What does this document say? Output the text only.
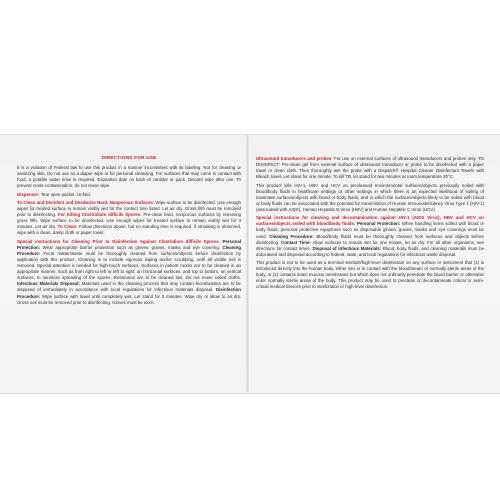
DIRECTIONS FOR USE

It is a violation of Federal law to use this product in a manner inconsistent with its labeling. Not for cleaning or sanitizing skin. Do not use as a diaper wipe or for personal cleansing. For surfaces that may come in contact with food, a potable water rinse is required. Expiration date on back of canister or pack. Discard wipe after use. To prevent cross-contamination, do not reuse wipe.

Dispenser: Tear open packet. Unfold.

To Clean and Disinfect and Deodorize Hard, Nonporous Surfaces: Wipe surface to be disinfected. Use enough wipes for treated surface to remain visibly wet for the contact time listed. Let air dry. Gross filth must be removed prior to disinfecting. For Killing Clostridium difficile Spores: Pre-clean hard, nonporous surfaces by removing gross filth. Wipe surface to be disinfected. Use enough wipes for treated surface to remain visibly wet for 3 minutes. Let air dry. To Clean: Follow directions above, but no standing time is required. If streaking is observed, wipe with a clean, damp cloth or paper towel.

Special instructions for Cleaning Prior to Disinfection Against Clostridium difficile Spores. Personal Protection: Wear appropriate barrier protection such as gloves, gowns, masks and eye covering. Cleaning Procedure: Fecal matter/waste must be thoroughly cleaned from surfaces/objects before disinfection by application with this product. Cleaning is to include vigorous wiping and/or scrubbing, until all visible soil is removed. Special attention is needed for high-touch surfaces. Surfaces in patient rooms are to be cleaned in an appropriate manner, such as from right to left or left to right, on horizontal surfaces, and top to bottom, on vertical surfaces, to minimize spreading of the spores. Restrooms are to be cleaned last. Do not reuse soiled cloths. Infectious Materials Disposal: Materials used in the cleaning process that may contain feces/wastes are to be disposed of immediately in accordance with local regulations for infectious materials disposal. Disinfection Procedure: Wipe surface with towel until completely wet. Let stand for 3 minutes. Wipe dry or allow to air dry. Gross soil must be removed prior to disinfecting. Gloves must be worn.

Ultrasound transducers and probes: For use on external surfaces of ultrasound transducers and probes only. TO DISINFECT: Pre-clean gel from external surface of ultrasound transducer or probe to be disinfected with a paper towel or clean cloth. Then thoroughly wet the probe with a Dispatch® Hospital Cleaner Disinfectant Towels with Bleach towel. Let stand for one minute. To kill TB, let stand for two minutes at room temperature 20°C.

This product kills HIV-1, HBV and HCV on precleaned environmental surfaces/objects previously soiled with blood/body fluids in healthcare settings or other settings in which there is an expected likelihood of soiling of inanimate surfaces/objects with blood or body fluids, and in which the surfaces/objects likely to be soiled with blood or body fluids can be associated with the potential for transmission of Human Immunodeficiency Virus Type 1 (HIV-1) (associated with AIDS), Human Hepatitis B Virus (HBV) and Human Hepatitis C Virus (HCV).

Special instructions for cleaning and decontamination against HIV-1 (AIDS Virus), HBV and HCV on surfaces/objects soiled with blood/body fluids: Personal Protection: When handling items soiled with blood or body fluids, personal protective equipment such as disposable gloves, gowns, masks and eye coverings must be used. Cleaning Procedure: Blood/body fluids must be thoroughly cleaned from surfaces and objects before disinfecting. Contact Time: Allow surfaces to remain wet for one minute, let air dry. For all other organisms, see directions for contact times. Disposal of Infectious Materials: Blood, body fluids, and cleaning materials must be autoclaved and disposed according to federal, state, and local regulations for infectious waste disposal.

This product is not to be used as a terminal sterilant/high-level disinfectant on any surface or instrument that (1) is introduced directly into the human body, either into or in contact with the bloodstream or normally sterile areas of the body, or (2) contacts intact mucous membranes but which does not ordinarily penetrate the blood barrier or otherwise enter normally sterile areas of the body. This product may be used to preclean or decontaminate critical or semi-critical medical devices prior to sterilization or high-level disinfection.
